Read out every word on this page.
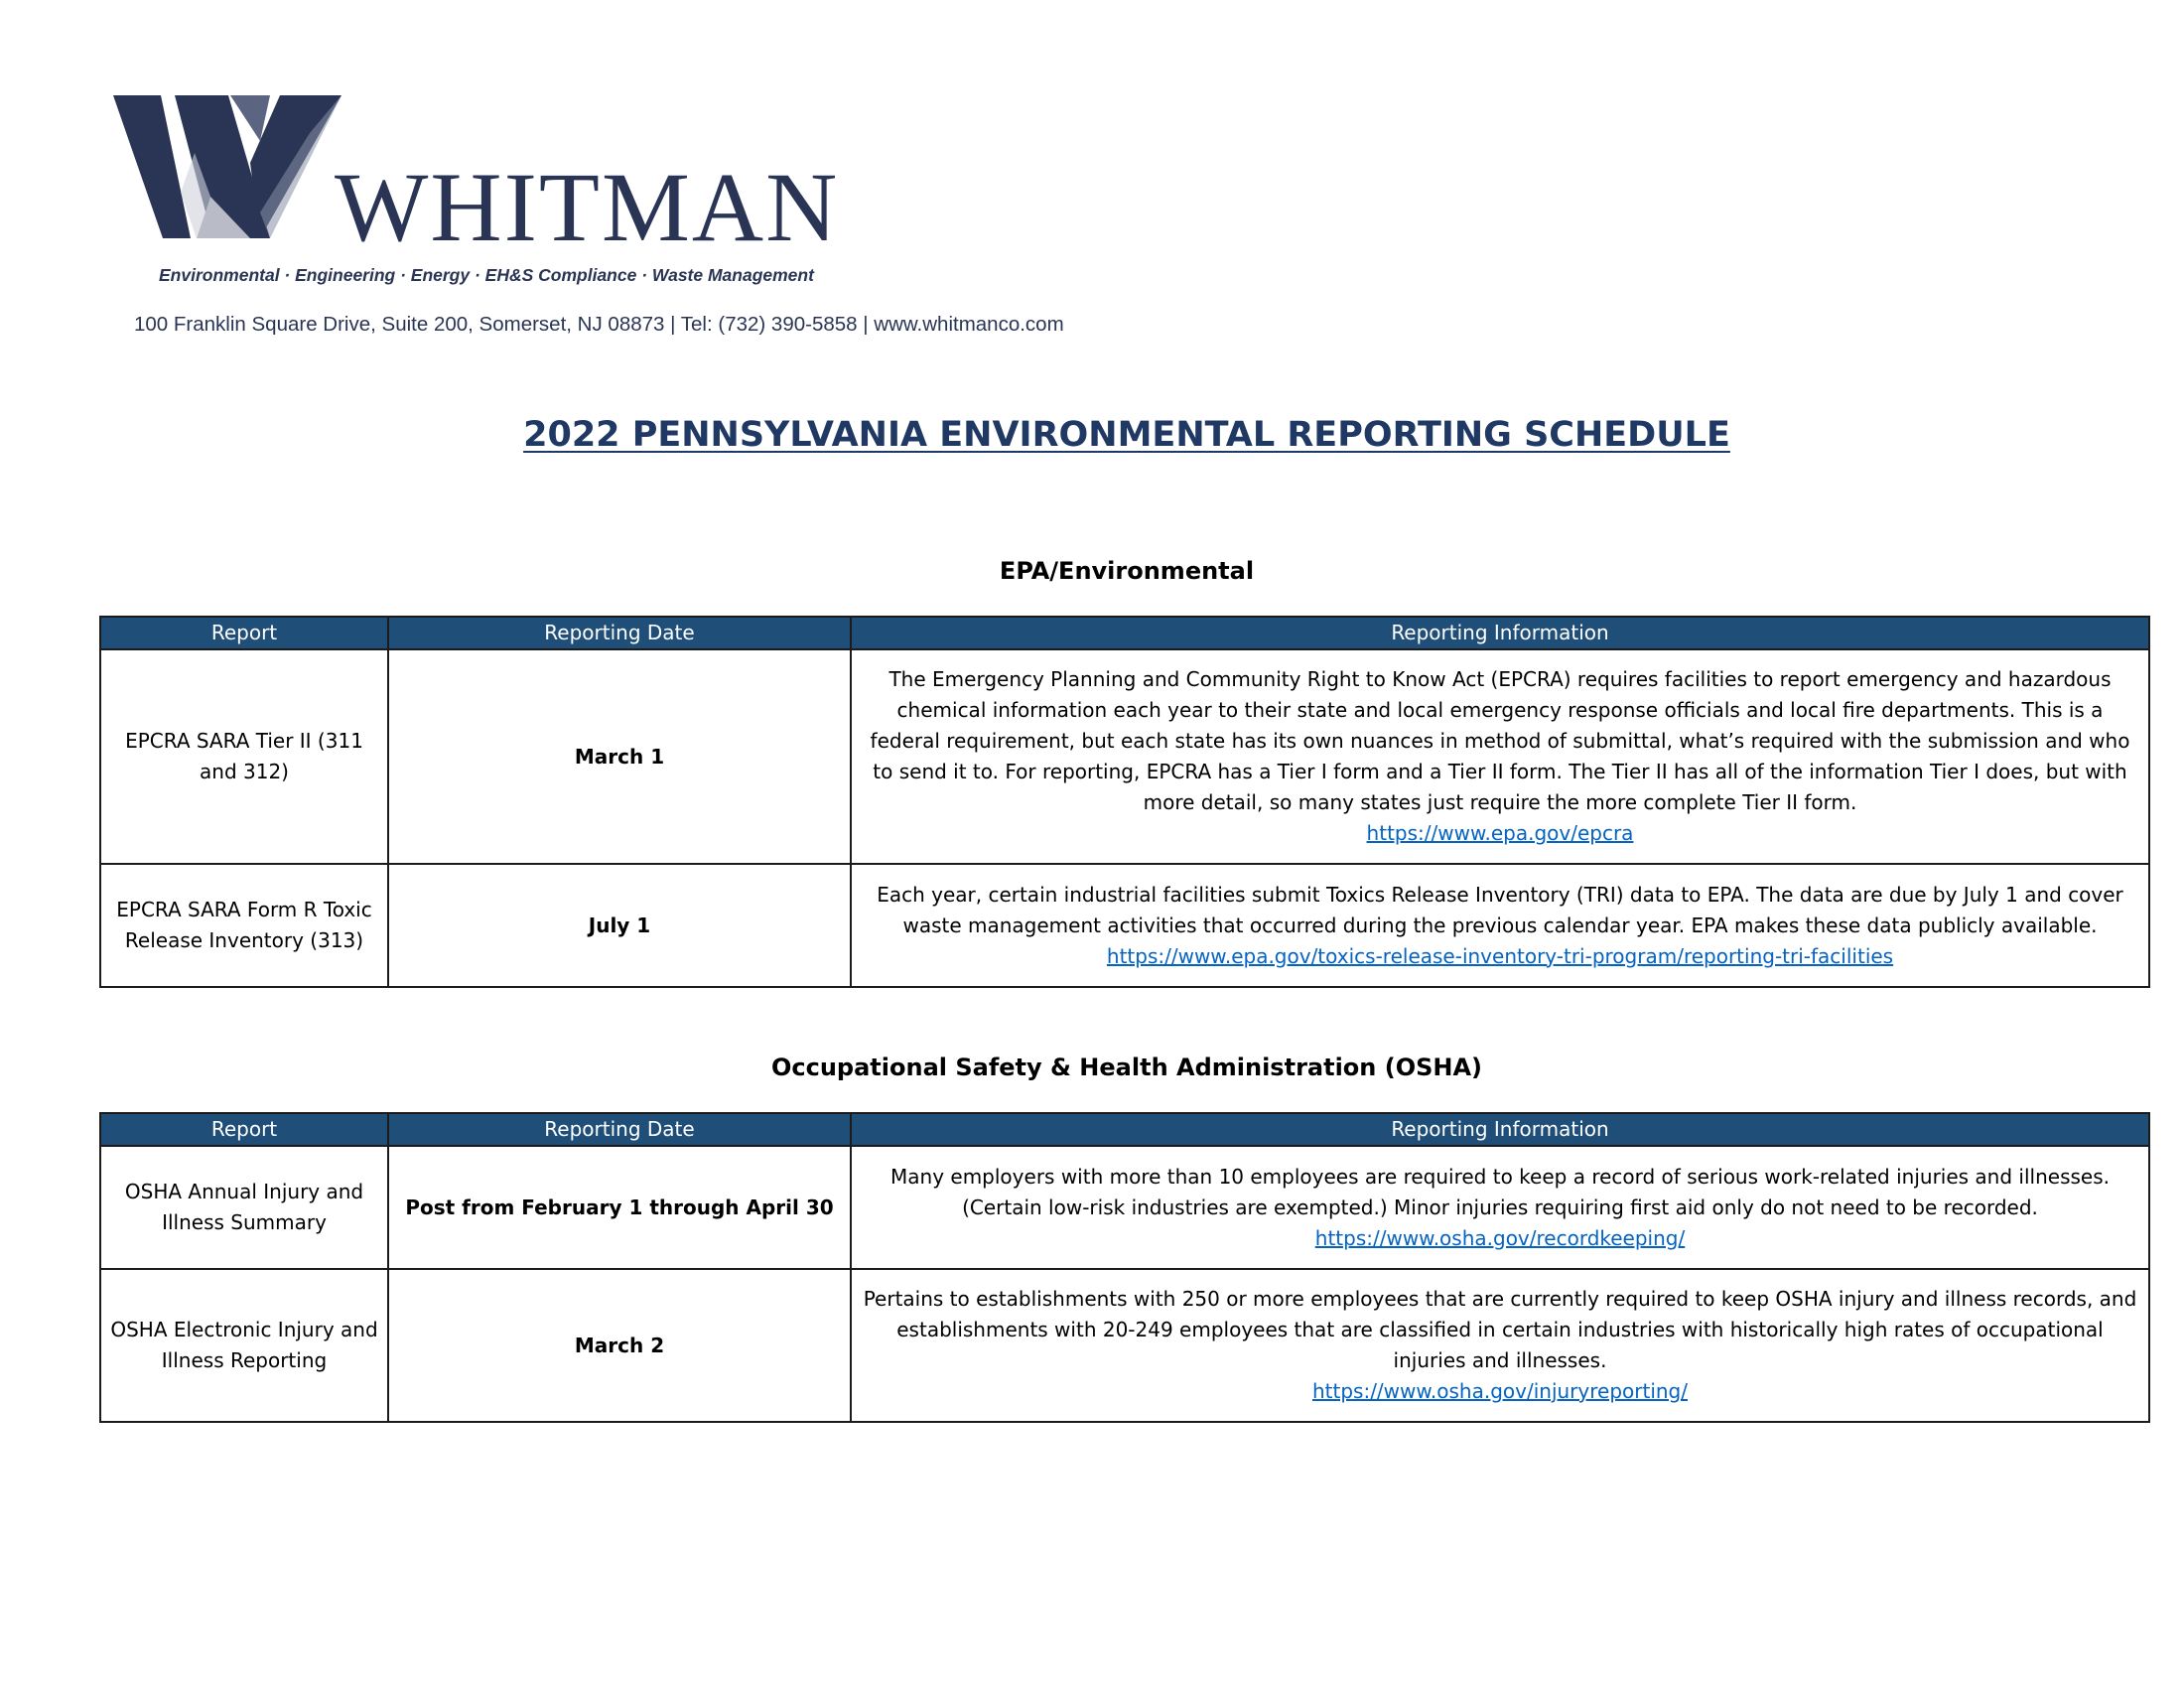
WHITMAN
Environmental · Engineering · Energy · EH&S Compliance · Waste Management
100 Franklin Square Drive, Suite 200, Somerset, NJ 08873 | Tel: (732) 390-5858 | www.whitmanco.com
2022 PENNSYLVANIA ENVIRONMENTAL REPORTING SCHEDULE
EPA/Environmental
Report	Reporting Date	Reporting Information
EPCRA SARA Tier II (311 and 312)	March 1	The Emergency Planning and Community Right to Know Act (EPCRA) requires facilities to report emergency and hazardous chemical information each year to their state and local emergency response officials and local fire departments. This is a federal requirement, but each state has its own nuances in method of submittal, what’s required with the submission and who to send it to. For reporting, EPCRA has a Tier I form and a Tier II form. The Tier II has all of the information Tier I does, but with more detail, so many states just require the more complete Tier II form.
https://www.epa.gov/epcra
EPCRA SARA Form R Toxic Release Inventory (313)	July 1	Each year, certain industrial facilities submit Toxics Release Inventory (TRI) data to EPA. The data are due by July 1 and cover waste management activities that occurred during the previous calendar year. EPA makes these data publicly available.
https://www.epa.gov/toxics-release-inventory-tri-program/reporting-tri-facilities
Occupational Safety & Health Administration (OSHA)
Report	Reporting Date	Reporting Information
OSHA Annual Injury and Illness Summary	Post from February 1 through April 30	Many employers with more than 10 employees are required to keep a record of serious work-related injuries and illnesses. (Certain low-risk industries are exempted.) Minor injuries requiring first aid only do not need to be recorded.
https://www.osha.gov/recordkeeping/
OSHA Electronic Injury and Illness Reporting	March 2	Pertains to establishments with 250 or more employees that are currently required to keep OSHA injury and illness records, and establishments with 20-249 employees that are classified in certain industries with historically high rates of occupational injuries and illnesses.
https://www.osha.gov/injuryreporting/
